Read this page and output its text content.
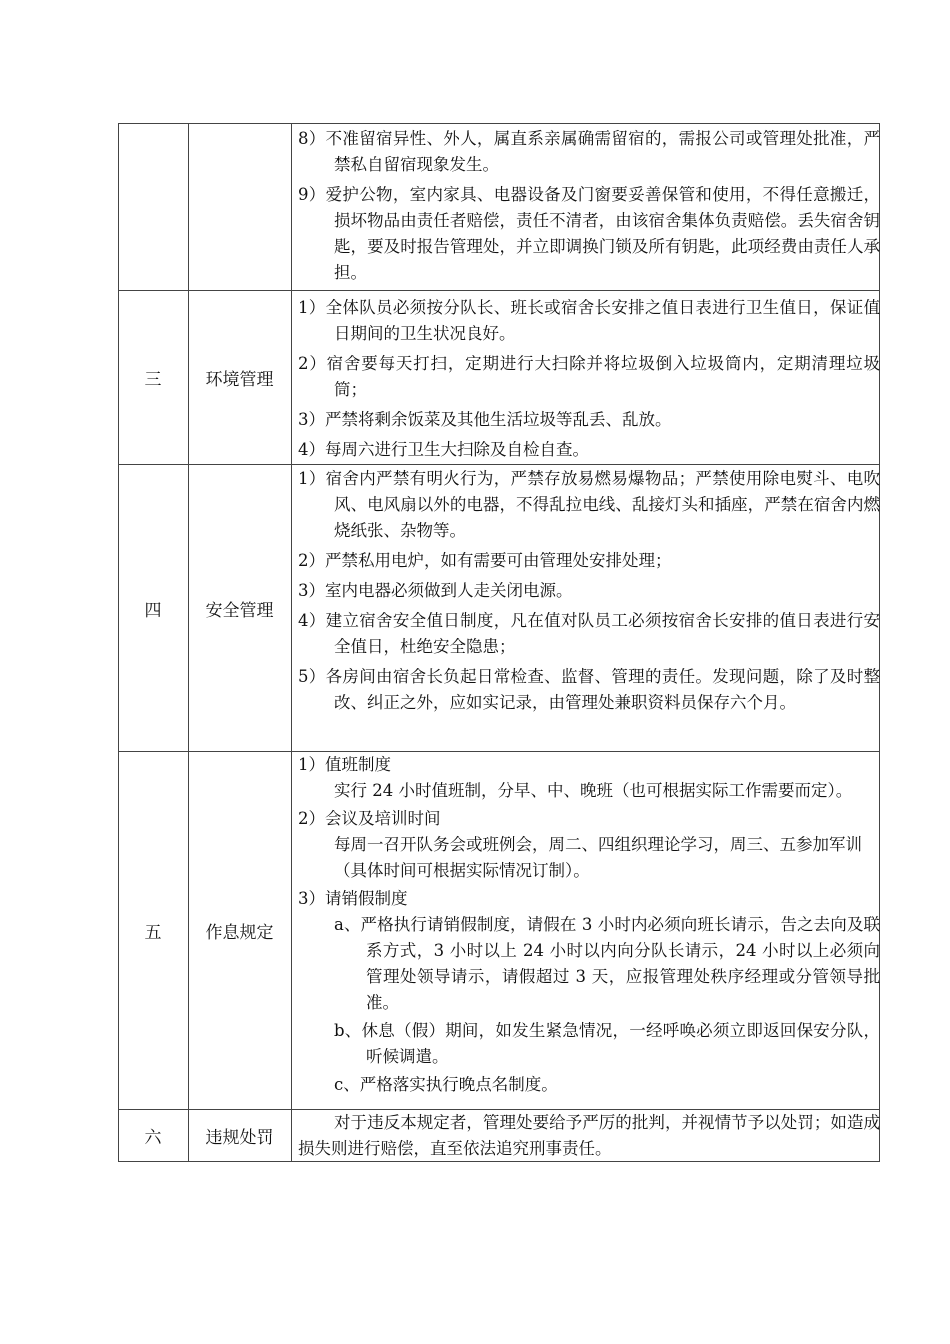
8）不准留宿异性、外人，属直系亲属确需留宿的，需报公司或管理处批准，严禁私自留宿现象发生。
9）爱护公物，室内家具、电器设备及门窗要妥善保管和使用，不得任意搬迁，损坏物品由责任者赔偿，责任不清者，由该宿舍集体负责赔偿。丢失宿舍钥匙，要及时报告管理处，并立即调换门锁及所有钥匙，此项经费由责任人承担。
三	环境管理
1）全体队员必须按分队长、班长或宿舍长安排之值日表进行卫生值日，保证值日期间的卫生状况良好。
2）宿舍要每天打扫，定期进行大扫除并将垃圾倒入垃圾筒内，定期清理垃圾筒；
3）严禁将剩余饭菜及其他生活垃圾等乱丢、乱放。
4）每周六进行卫生大扫除及自检自查。
四	安全管理
1）宿舍内严禁有明火行为，严禁存放易燃易爆物品；严禁使用除电熨斗、电吹风、电风扇以外的电器，不得乱拉电线、乱接灯头和插座，严禁在宿舍内燃烧纸张、杂物等。
2）严禁私用电炉，如有需要可由管理处安排处理；
3）室内电器必须做到人走关闭电源。
4）建立宿舍安全值日制度，凡在值对队员工必须按宿舍长安排的值日表进行安全值日，杜绝安全隐患；
5）各房间由宿舍长负起日常检查、监督、管理的责任。发现问题，除了及时整改、纠正之外，应如实记录，由管理处兼职资料员保存六个月。
五	作息规定
1）值班制度
实行 24 小时值班制，分早、中、晚班（也可根据实际工作需要而定）。
2）会议及培训时间
每周一召开队务会或班例会，周二、四组织理论学习，周三、五参加军训（具体时间可根据实际情况订制）。
3）请销假制度
a、严格执行请销假制度，请假在 3 小时内必须向班长请示，告之去向及联系方式，3 小时以上 24 小时以内向分队长请示，24 小时以上必须向管理处领导请示，请假超过 3 天，应报管理处秩序经理或分管领导批准。
b、休息（假）期间，如发生紧急情况，一经呼唤必须立即返回保安分队，听候调遣。
c、严格落实执行晚点名制度。
六	违规处罚
对于违反本规定者，管理处要给予严厉的批判，并视情节予以处罚；如造成损失则进行赔偿，直至依法追究刑事责任。
